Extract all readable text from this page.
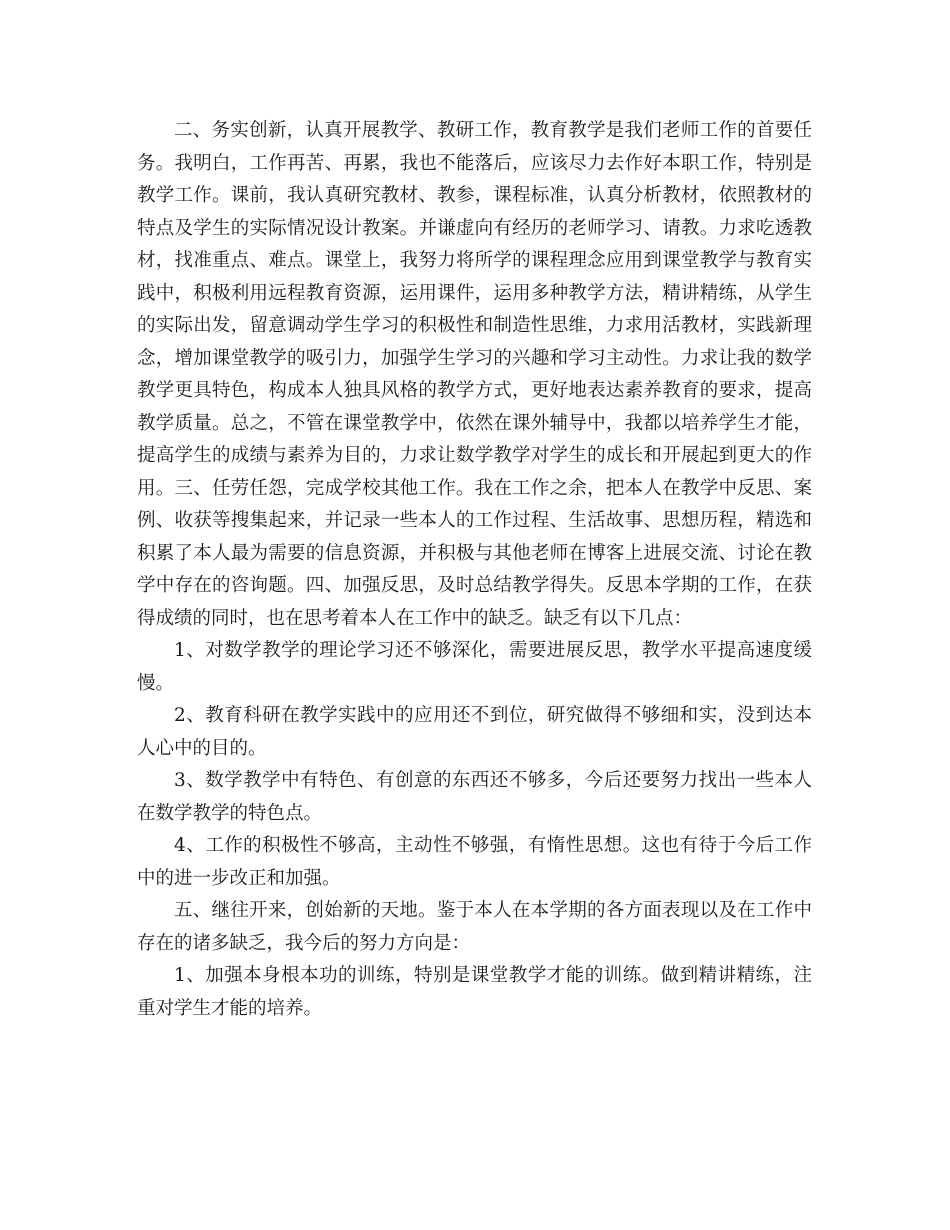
二、务实创新，认真开展教学、教研工作，教育教学是我们老师工作的首要任务。我明白，工作再苦、再累，我也不能落后，应该尽力去作好本职工作，特别是教学工作。课前，我认真研究教材、教参，课程标准，认真分析教材，依照教材的特点及学生的实际情况设计教案。并谦虚向有经历的老师学习、请教。力求吃透教材，找准重点、难点。课堂上，我努力将所学的课程理念应用到课堂教学与教育实践中，积极利用远程教育资源，运用课件，运用多种教学方法，精讲精练，从学生的实际出发，留意调动学生学习的积极性和制造性思维，力求用活教材，实践新理念，增加课堂教学的吸引力，加强学生学习的兴趣和学习主动性。力求让我的数学教学更具特色，构成本人独具风格的教学方式，更好地表达素养教育的要求，提高教学质量。总之，不管在课堂教学中，依然在课外辅导中，我都以培养学生才能，提高学生的成绩与素养为目的，力求让数学教学对学生的成长和开展起到更大的作用。三、任劳任怨，完成学校其他工作。我在工作之余，把本人在教学中反思、案例、收获等搜集起来，并记录一些本人的工作过程、生活故事、思想历程，精选和积累了本人最为需要的信息资源，并积极与其他老师在博客上进展交流、讨论在教学中存在的咨询题。四、加强反思，及时总结教学得失。反思本学期的工作，在获得成绩的同时，也在思考着本人在工作中的缺乏。缺乏有以下几点：

1、对数学教学的理论学习还不够深化，需要进展反思，教学水平提高速度缓慢。

2、教育科研在教学实践中的应用还不到位，研究做得不够细和实，没到达本人心中的目的。

3、数学教学中有特色、有创意的东西还不够多，今后还要努力找出一些本人在数学教学的特色点。

4、工作的积极性不够高，主动性不够强，有惰性思想。这也有待于今后工作中的进一步改正和加强。

五、继往开来，创始新的天地。鉴于本人在本学期的各方面表现以及在工作中存在的诸多缺乏，我今后的努力方向是：

1、加强本身根本功的训练，特别是课堂教学才能的训练。做到精讲精练，注重对学生才能的培养。
